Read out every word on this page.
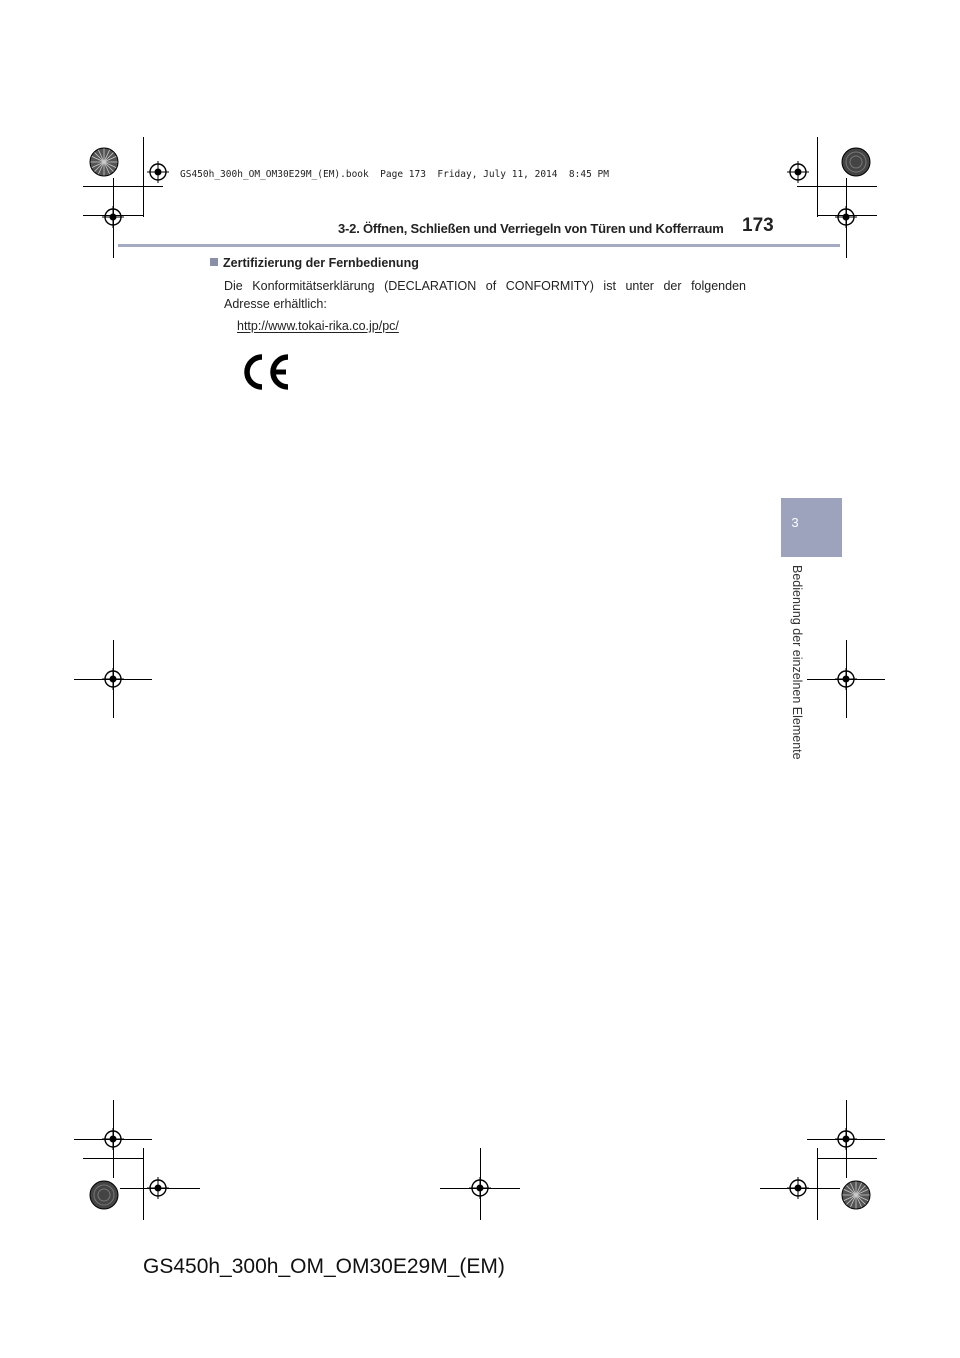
GS450h_300h_OM_OM30E29M_(EM).book  Page 173  Friday, July 11, 2014  8:45 PM
3-2. Öffnen, Schließen und Verriegeln von Türen und Kofferraum 173
3
Bedienung der einzelnen Elemente
Zertifizierung der Fernbedienung
Die Konformitätserklärung (DECLARATION of CONFORMITY) ist unter der folgenden
Adresse erhältlich:
http://www.tokai-rika.co.jp/pc/
GS450h_300h_OM_OM30E29M_(EM)
